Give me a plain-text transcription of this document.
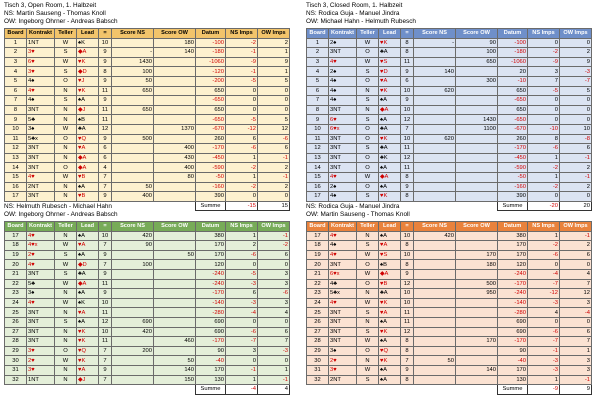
Tisch 3, Open Room, 1. Halbzeit
NS: Martin Sauseng - Thomas Knoll
OW: Ingeborg Ohrner - Andreas Babsch
Board	Kontrakt	Teller	Lead	=	Score NS	Score OW	Datum	NS Imps	OW Imps
1	1NT	W	♠K	10		180	-100	-2	2
2	3♥	S	◆A	9	-	140	-180	-1	1
3	6♥	W	♥K	9	1430		-1060	-9	9
4	3♥	S	◆D	8	100		-120	-1	1
5	4♠	O	♥J	9	50		-200	-5	5
6	4♥	N	♥K	11	650		650	0	0
7	4♠	S	♠A	9			-650	0	0
8	3NT	N	◆J	11	650		650	0	0
9	5♣	N	♠B	11			-650	-5	5
10	3♠	W	♣A	12		1370	-670	-12	12
11	5♣x	O	♥Q	9	500		260	6	-6
12	3NT	N	♥A	6		400	-170	-6	6
13	3NT	N	◆A	6		430	-450	1	-1
14	3NT	O	◆A	4		400	-590	-2	2
15	4♥	W	♥B	7		80	-50	1	-1
16	2NT	N	♠A	7	50		-160	-2	2
17	3NT	N	♥B	9	400		390	0	0
							Summe	-15	15
Tisch 3, Closed Room, 1. Halbzeit
NS: Rodica Guja - Manuel Jindra
OW: Michael Hahn - Helmuth Rubesch
Board	Kontrakt	Teller	Lead	=	Score NS	Score OW	Datum	NS Imps	OW Imps
1	2♠	W	♥K	8	-	90	-100	0	0
2	3NT	O	♣A	8		100	-180	-2	2
3	4♥	W	♥S	11		650	-1060	-9	9
4	2♠	S	♥D	9	140		20	3	-3
5	4♠	O	♥A	6		300	-10	7	-7
6	4♠	N	♥K	10	620		650	-5	5
7	4♠	S	♠A	9			-650	0	0
8	3NT	N	◆A	10			650	0	0
9	6♥	S	♠A	12		1430	-650	0	0
10	6♥x	O	♣A	7		1100	-670	-10	10
11	3NT	O	♥K	10	620		260	8	-8
12	3NT	S	♣A	11			-170	-6	6
13	3NT	O	♣K	12			-450	1	-1
14	3NT	O	♠A	11			-590	-2	2
15	4♥	W	◆A	8			-50	1	-1
16	2♠	O	♠A	9			-160	-2	2
17	4♠	S	♥K	8			390	0	0
							Summe	-20	20
NS: Helmuth Rubesch - Michael Hahn
OW: Ingeborg Ohrner - Andreas Babsch
Board	Kontrakt	Teller	Lead	=	Score NS	Score OW	Datum	NS Imps	OW Imps
17	4♥	N	♠A	10	420		380	1	-1
18	4♥x	W	♥A	7	90		170	2	-2
19	2♥	S	♠A	9		50	170	-6	6
20	4♥	W	◆D	7	100		120	0	0
21	3NT	S	♣A	9			-240	-5	3
22	5♣	W	◆A	11			-240	-3	3
23	3♠	N	♠A	9			-170	6	-6
24	4♥	W	♠K	10			-140	-3	3
25	3NT	N	♥A	11			-280	-4	4
26	3NT	S	♠A	12	690		690	0	0
27	3NT	N	♥K	10	420		690	-6	6
28	3NT	N	♥K	11		460	-170	-7	7
29	3♥	O	♥Q	7	200		90	3	-3
30	2♥	W	♥K	7		50	-40	0	0
31	3♥	N	♥A	9		140	170	-1	1
32	1NT	N	◆J	7		150	130	1	-1
							Summe	-4	4
NS: Rodica Guja - Manuel Jindra
OW: Martin Sauseng - Thomas Knoll
Board	Kontrakt	Teller	Lead	=	Score NS	Score OW	Datum	NS Imps	OW Imps
17	4♥	N	♠A	10	420		380	1	-1
18	4♠	S	♥A	8			170	-2	2
19	4♥	W	♥S	10		170	170	-6	6
20	3NT	O	♠B	8		180	120	0	0
21	6♥x	W	◆A	9			-240	-4	4
22	4♣	O	♥B	12		500	-170	-7	7
23	5♣x	N	♣A	10		950	-240	-12	12
24	4♥	W	♥K	10			-140	-3	3
25	3NT	S	♥A	11			-280	4	-4
26	3NT	N	♠A	11			690	0	0
27	3NT	S	♥K	12			690	-6	6
28	3NT	W	♠A	8		170	-170	-7	7
29	3♠	O	♥Q	8			90	-1	1
30	2♥	N	♥K	7	50		-40	-3	3
31	3♥	W	♠A	9		140	170	-3	3
32	2NT	S	♠A	8			130	1	-1
							Summe	-9	9
